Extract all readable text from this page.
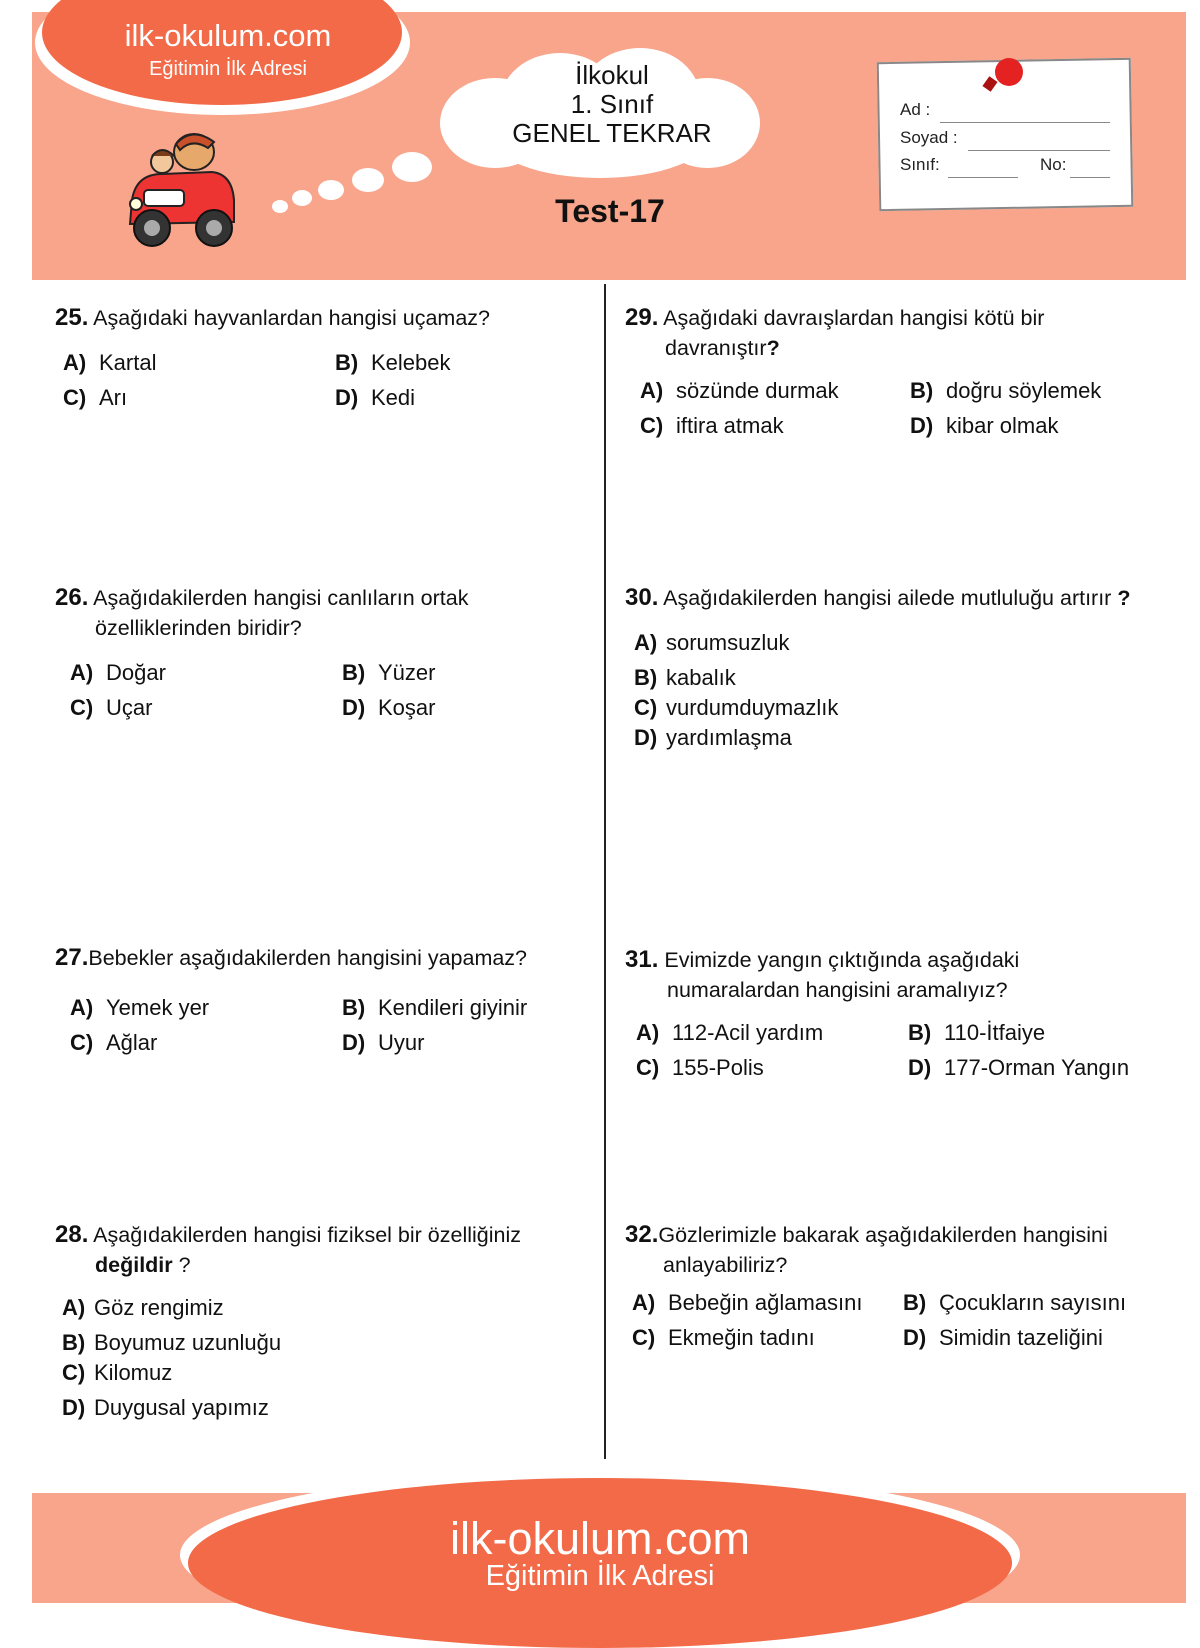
ilk-okulum.com
Eğitimin İlk Adresi	İlkokul
1. Sınıf
GENEL TEKRAR
Test-17
Ad :
Soyad :
Sınıf:	No:
25. Aşağıdaki hayvanlardan hangisi uçamaz?
A) Kartal	B) Kelebek
C) Arı	D) Kedi
26. Aşağıdakilerden hangisi canlıların ortak
özelliklerinden biridir?
A) Doğar	B) Yüzer
C) Uçar	D) Koşar
27.Bebekler aşağıdakilerden hangisini yapamaz?
A) Yemek yer	B) Kendileri giyinir
C) Ağlar	D) Uyur
28. Aşağıdakilerden hangisi fiziksel bir özelliğiniz
değildir ?
A) Göz rengimiz
B) Boyumuz uzunluğu
C) Kilomuz
D) Duygusal yapımız
29. Aşağıdaki davraışlardan hangisi kötü bir
davranıştır?
A) sözünde durmak	B) doğru söylemek
C) iftira atmak	D) kibar olmak
30. Aşağıdakilerden hangisi ailede mutluluğu artırır ?
A) sorumsuzluk
B) kabalık
C) vurdumduymazlık
D) yardımlaşma
31. Evimizde yangın çıktığında aşağıdaki
numaralardan hangisini aramalıyız?
A) 112-Acil yardım	B) 110-İtfaiye
C) 155-Polis	D) 177-Orman Yangın
32.Gözlerimizle bakarak aşağıdakilerden hangisini
anlayabiliriz?
A) Bebeğin ağlamasını B) Çocukların sayısını
C) Ekmeğin tadını	D) Simidin tazeliğini
ilk-okulum.com
Eğitimin İlk Adresi
